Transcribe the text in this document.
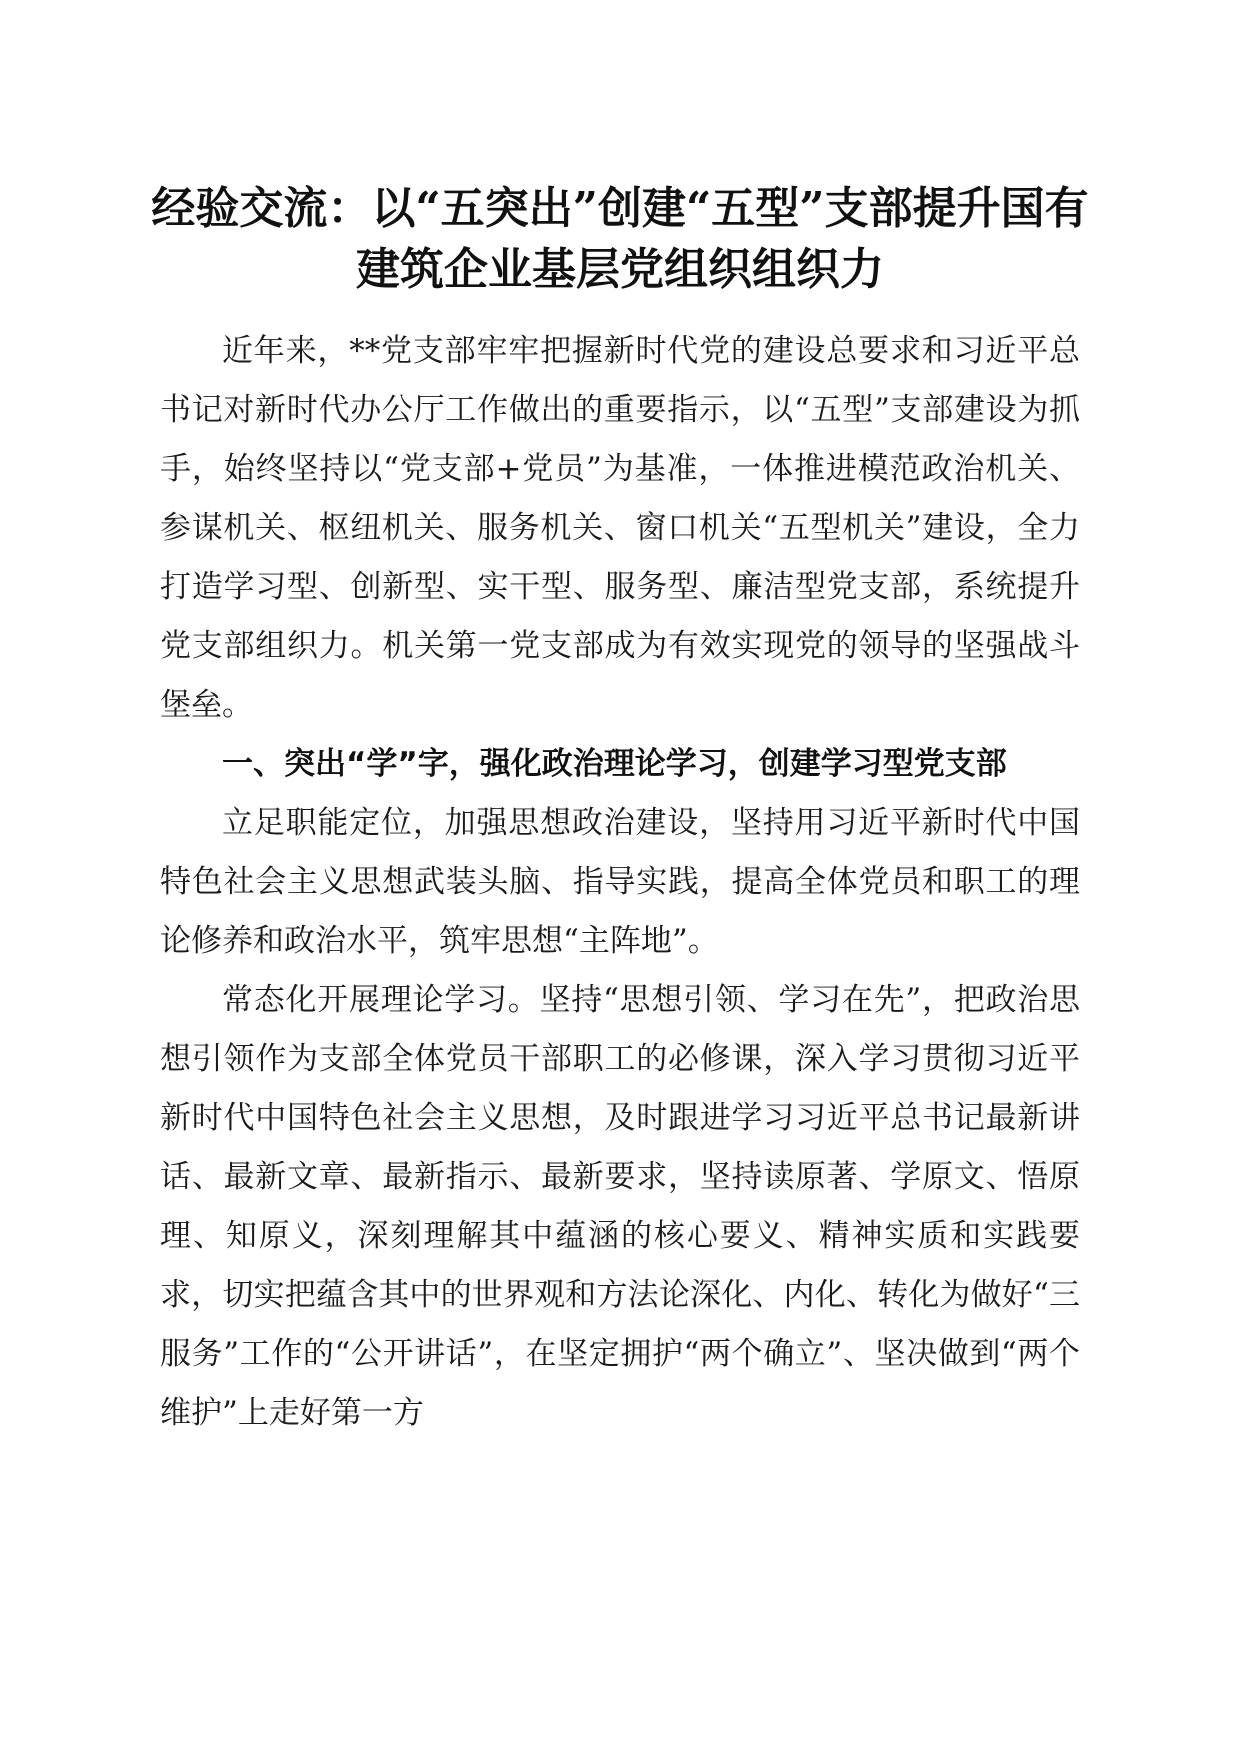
经验交流：以“五突出”创建“五型”支部提升国有建筑企业基层党组织组织力

近年来，**党支部牢牢把握新时代党的建设总要求和习近平总书记对新时代办公厅工作做出的重要指示，以“五型”支部建设为抓手，始终坚持以“党支部+党员”为基准，一体推进模范政治机关、参谋机关、枢纽机关、服务机关、窗口机关“五型机关”建设，全力打造学习型、创新型、实干型、服务型、廉洁型党支部，系统提升党支部组织力。机关第一党支部成为有效实现党的领导的坚强战斗堡垒。

一、突出“学”字，强化政治理论学习，创建学习型党支部

立足职能定位，加强思想政治建设，坚持用习近平新时代中国特色社会主义思想武装头脑、指导实践，提高全体党员和职工的理论修养和政治水平，筑牢思想“主阵地”。

常态化开展理论学习。坚持“思想引领、学习在先”，把政治思想引领作为支部全体党员干部职工的必修课，深入学习贯彻习近平新时代中国特色社会主义思想，及时跟进学习习近平总书记最新讲话、最新文章、最新指示、最新要求，坚持读原著、学原文、悟原理、知原义，深刻理解其中蕴涵的核心要义、精神实质和实践要求，切实把蕴含其中的世界观和方法论深化、内化、转化为做好“三服务”工作的“公开讲话”，在坚定拥护“两个确立”、坚决做到“两个维护”上走好第一方
